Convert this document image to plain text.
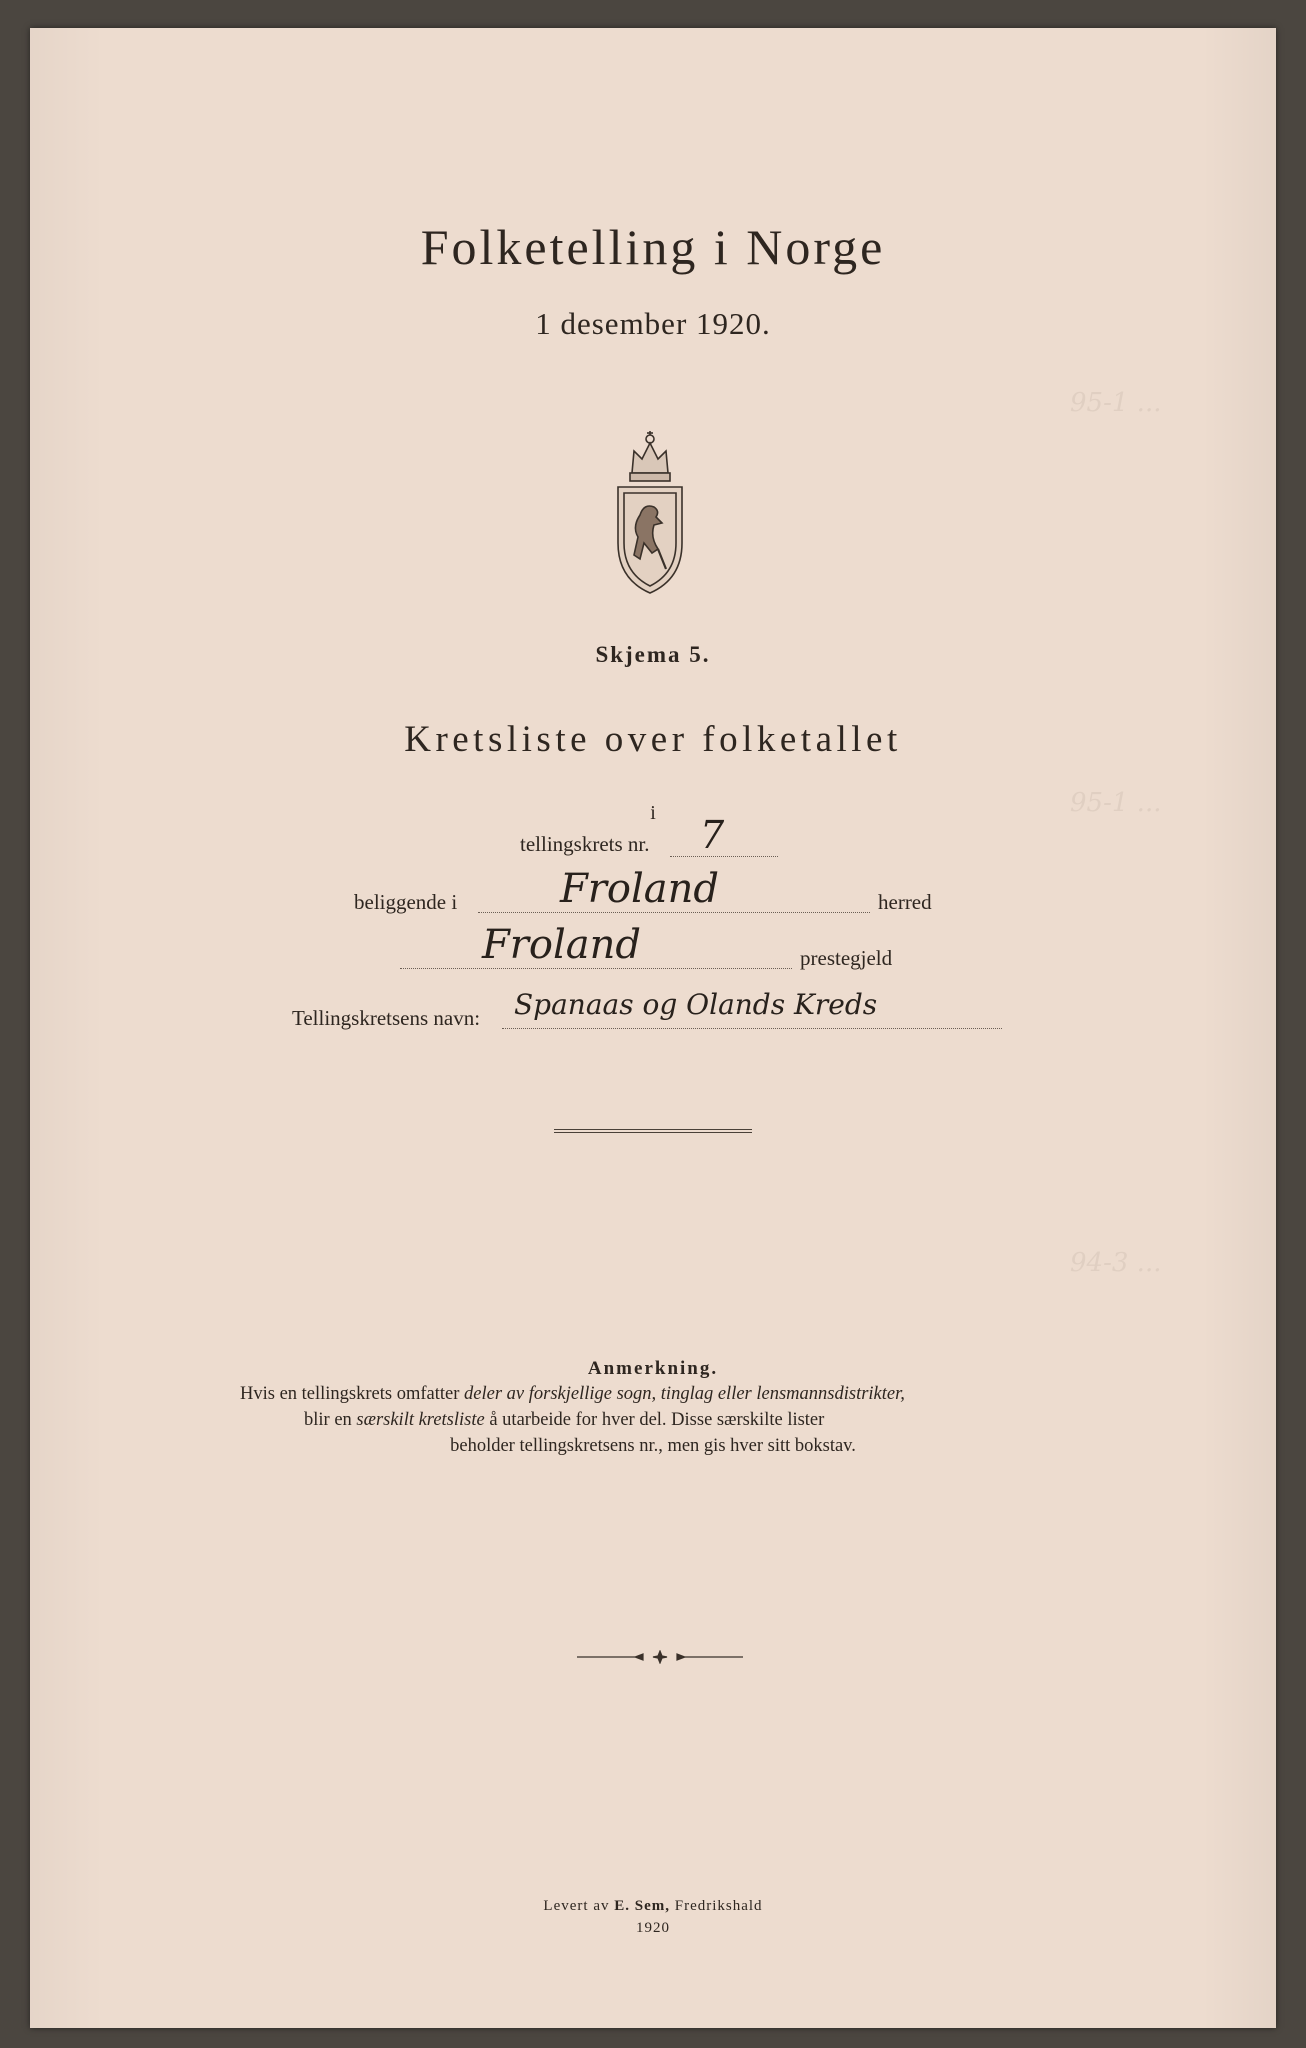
95-1 ...
95-1 ...
94-3 ...
Folketelling i Norge
1 desember 1920.
Skjema 5.
Kretsliste over folketallet
i
tellingskrets nr. 7
beliggende i	Froland	herred
Froland	prestegjeld
Tellingskretsens navn: Spanaas og Olands Kreds
Anmerkning.
Hvis en tellingskrets omfatter deler av forskjellige sogn, tinglag eller lensmannsdistrikter,
blir en særskilt kretsliste å utarbeide for hver del. Disse særskilte lister
beholder tellingskretsens nr., men gis hver sitt bokstav.
Levert av E. Sem, Fredrikshald
1920
